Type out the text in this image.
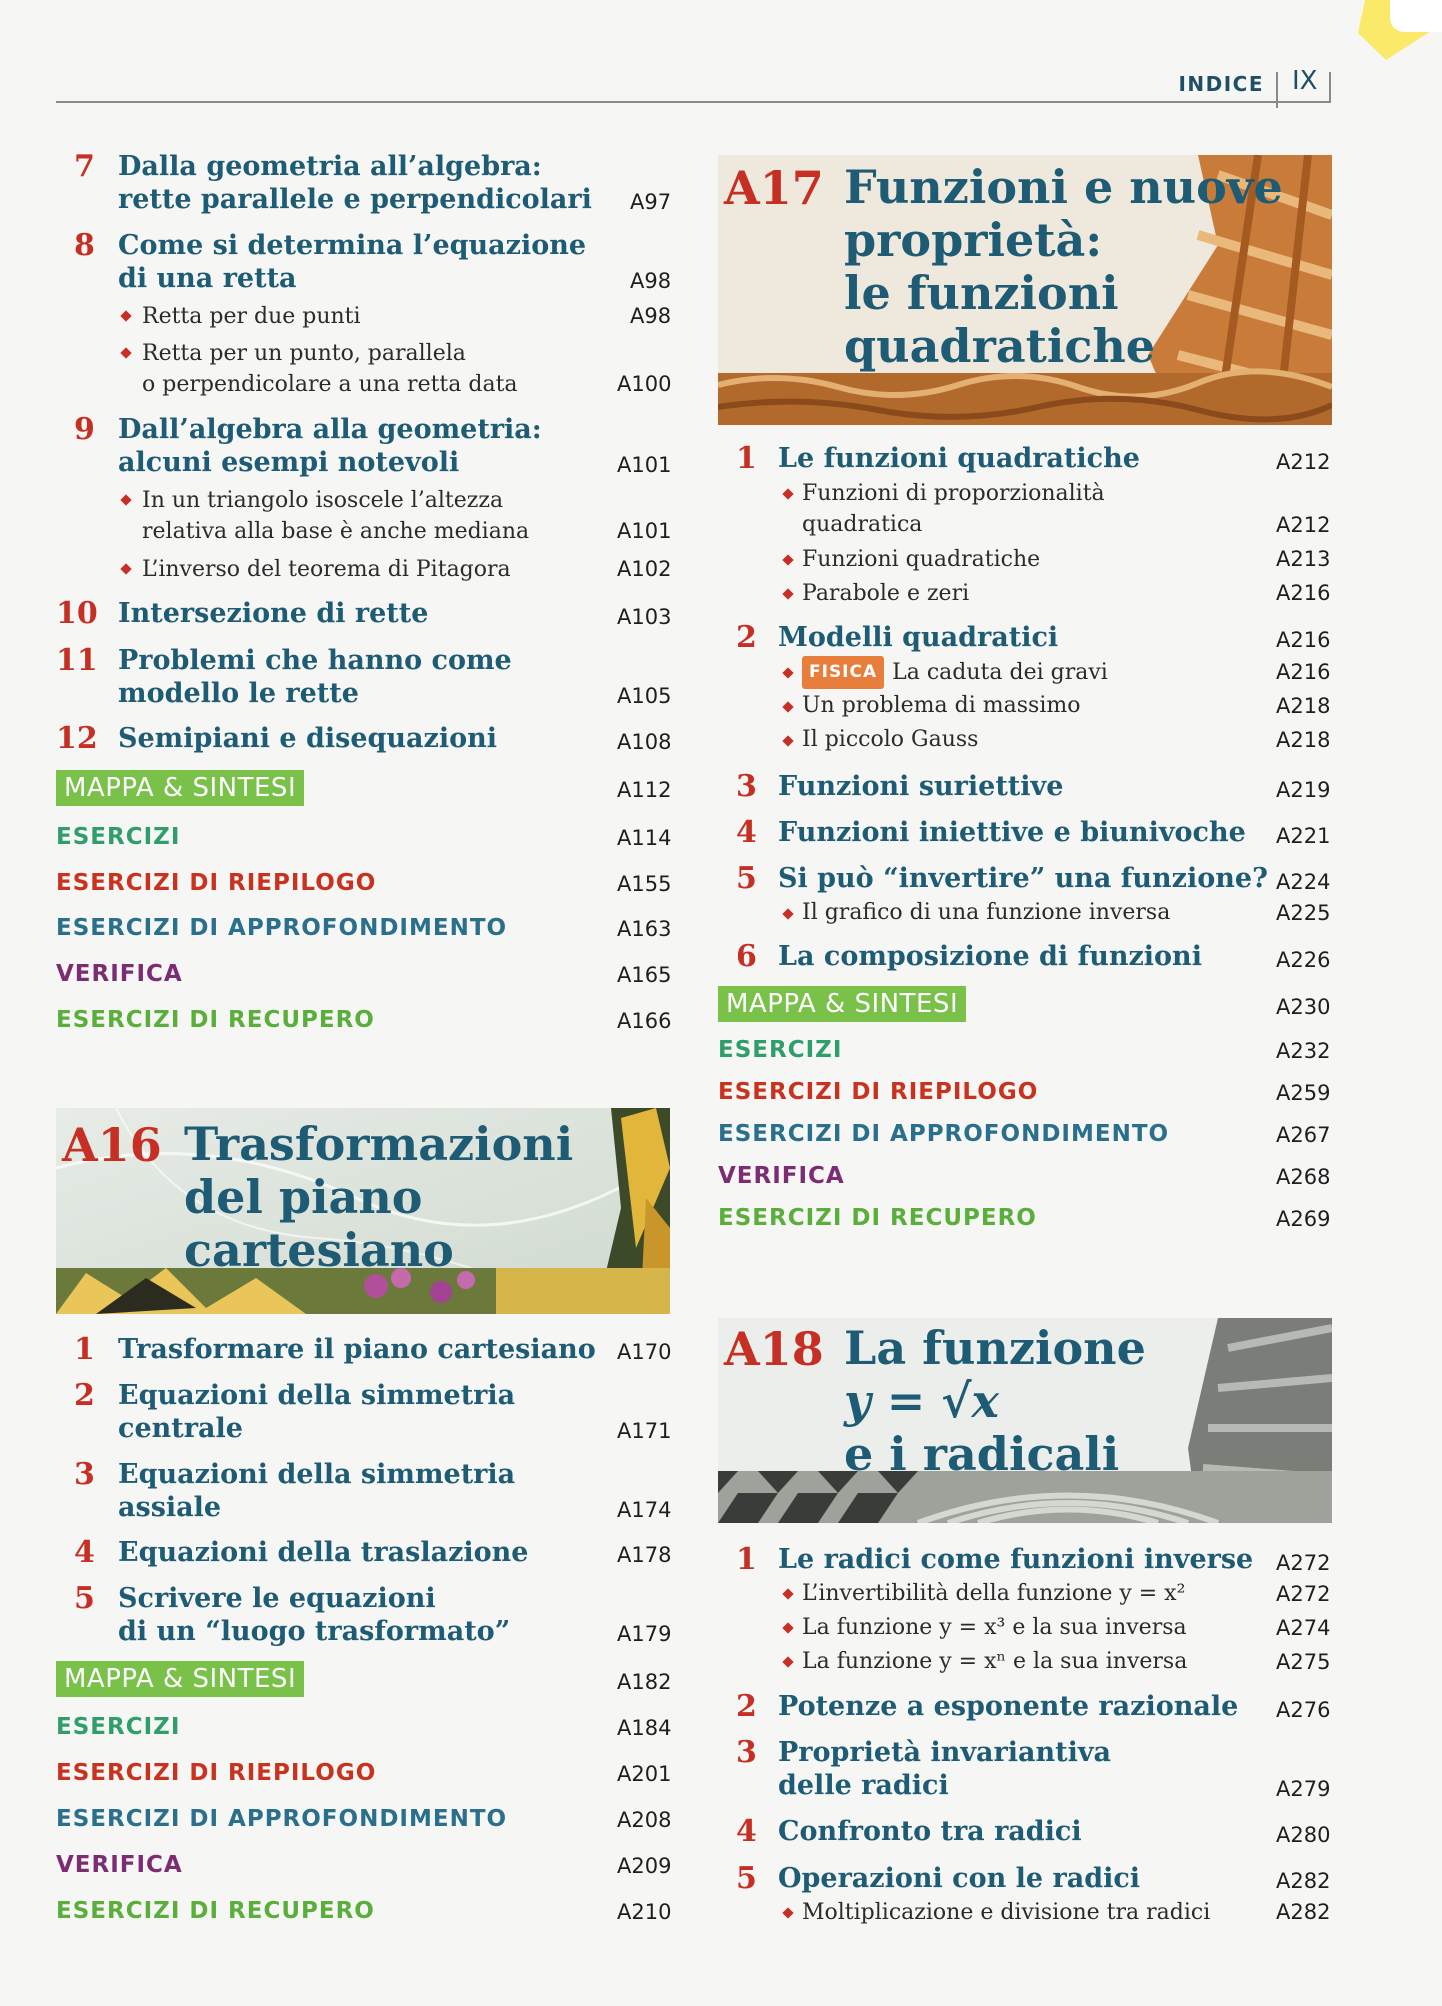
INDICE IX
7 Dalla geometria all’algebra:
rette parallele e perpendicolari A97
8 Come si determina l’equazione
di una retta	A98
Retta per due punti	A98
Retta per un punto, parallela
o perpendicolare a una retta data	A100
9 Dall’algebra alla geometria:
alcuni esempi notevoli	A101
In un triangolo isoscele l’altezza
relativa alla base è anche mediana	A101
L’inverso del teorema di Pitagora	A102
10 Intersezione di rette	A103
11 Problemi che hanno come
modello le rette	A105
12 Semipiani e disequazioni	A108
MAPPA & SINTESI	A112
ESERCIZI	A114
ESERCIZI DI RIEPILOGO	A155
ESERCIZI DI APPROFONDIMENTO	A163
VERIFICA	A165
ESERCIZI DI RECUPERO	A166
A16 Trasformazioni
del piano
cartesiano
1 Trasformare il piano cartesiano A170
2 Equazioni della simmetria
centrale	A171
3 Equazioni della simmetria
assiale	A174
4 Equazioni della traslazione	A178
5 Scrivere le equazioni
di un “luogo trasformato”	A179
MAPPA & SINTESI	A182
ESERCIZI	A184
ESERCIZI DI RIEPILOGO	A201
ESERCIZI DI APPROFONDIMENTO	A208
VERIFICA	A209
ESERCIZI DI RECUPERO	A210
A17 Funzioni e nuove
proprietà:
le funzioni
quadratiche
1 Le funzioni quadratiche	A212
Funzioni di proporzionalità
quadratica	A212
Funzioni quadratiche	A213
Parabole e zeri	A216
2 Modelli quadratici	A216
FISICA La caduta dei gravi	A216
Un problema di massimo	A218
Il piccolo Gauss	A218
3 Funzioni suriettive	A219
4 Funzioni iniettive e biunivoche A221
5 Si può “invertire” una funzione? A224
Il grafico di una funzione inversa	A225
6 La composizione di funzioni	A226
MAPPA & SINTESI	A230
ESERCIZI	A232
ESERCIZI DI RIEPILOGO	A259
ESERCIZI DI APPROFONDIMENTO	A267
VERIFICA	A268
ESERCIZI DI RECUPERO	A269
A18 La funzione
y = √x
e i radicali
1 Le radici come funzioni inverse A272
L’invertibilità della funzione y = x²	A272
La funzione y = x³ e la sua inversa	A274
La funzione y = xⁿ e la sua inversa	A275
2 Potenze a esponente razionale A276
3 Proprietà invariantiva
delle radici	A279
4 Confronto tra radici	A280
5 Operazioni con le radici	A282
Moltiplicazione e divisione tra radici	A282
